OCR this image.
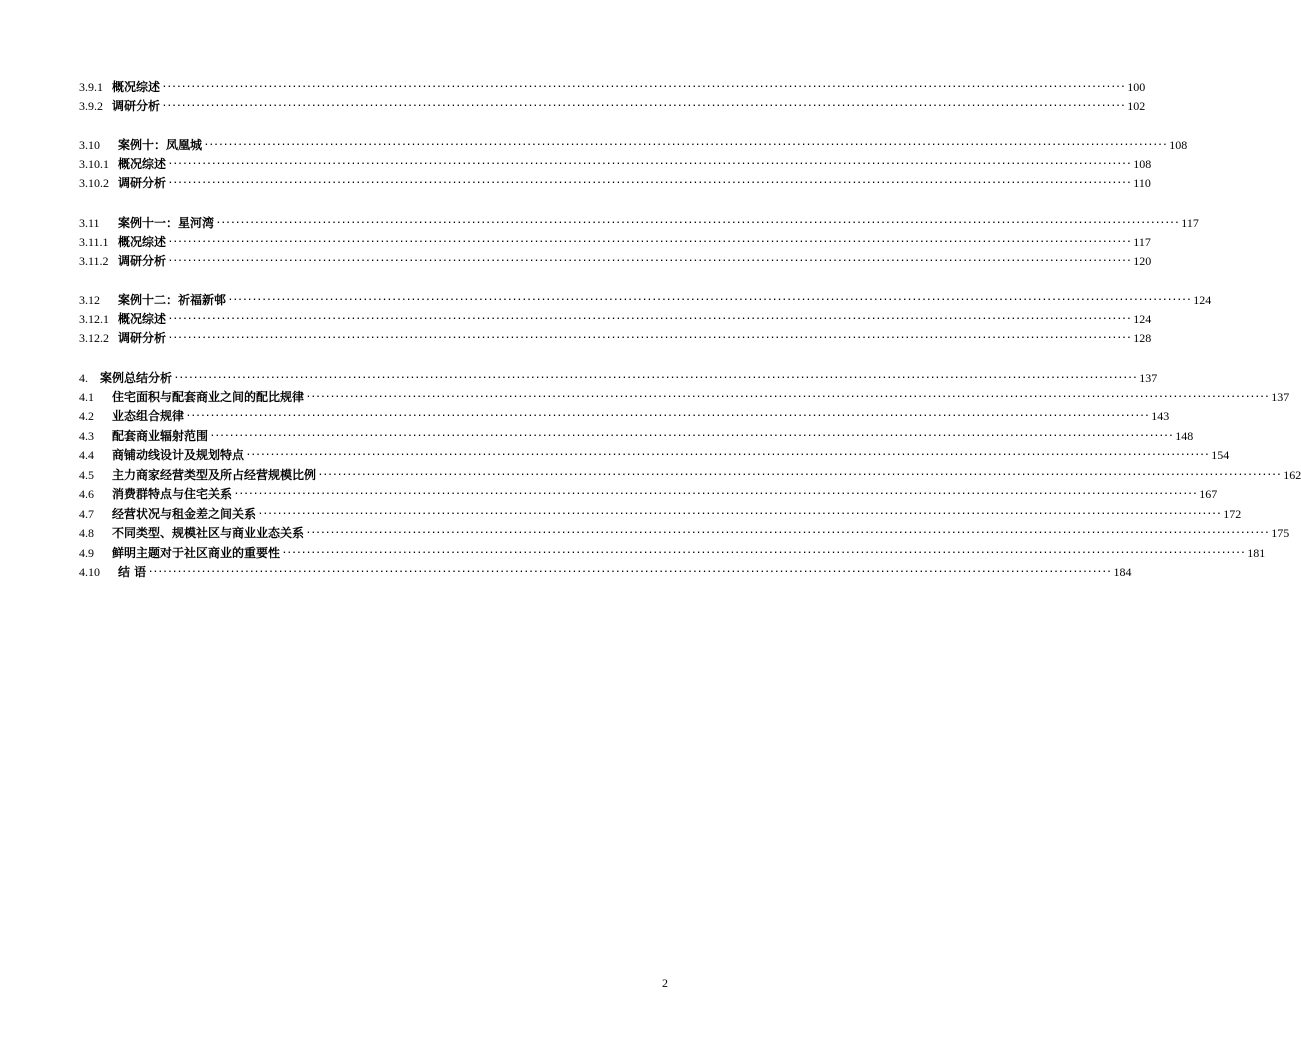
3.9.1 概况综述 ········································································································································································································ 100
3.9.2 调研分析 ········································································································································································································ 102
3.10	案例十：凤凰城 ········································································································································································································ 108
3.10.1 概况综述 ········································································································································································································ 108
3.10.2 调研分析 ········································································································································································································ 110
3.11	案例十一：星河湾 ········································································································································································································ 117
3.11.1 概况综述 ········································································································································································································ 117
3.11.2 调研分析 ········································································································································································································ 120
3.12	案例十二：祈福新邨 ········································································································································································································ 124
3.12.1 概况综述 ········································································································································································································ 124
3.12.2 调研分析 ········································································································································································································ 128
4.	案例总结分析 ········································································································································································································ 137
4.1	住宅面积与配套商业之间的配比规律 ········································································································································································································ 137
4.2	业态组合规律 ········································································································································································································ 143
4.3	配套商业辐射范围 ········································································································································································································ 148
4.4	商铺动线设计及规划特点 ········································································································································································································ 154
4.5	主力商家经营类型及所占经营规模比例 ········································································································································································································ 162
4.6	消费群特点与住宅关系 ········································································································································································································ 167
4.7	经营状况与租金差之间关系 ········································································································································································································ 172
4.8	不同类型、规模社区与商业业态关系 ········································································································································································································ 175
4.9	鲜明主题对于社区商业的重要性 ········································································································································································································ 181
4.10	结 语 ········································································································································································································ 184
2
